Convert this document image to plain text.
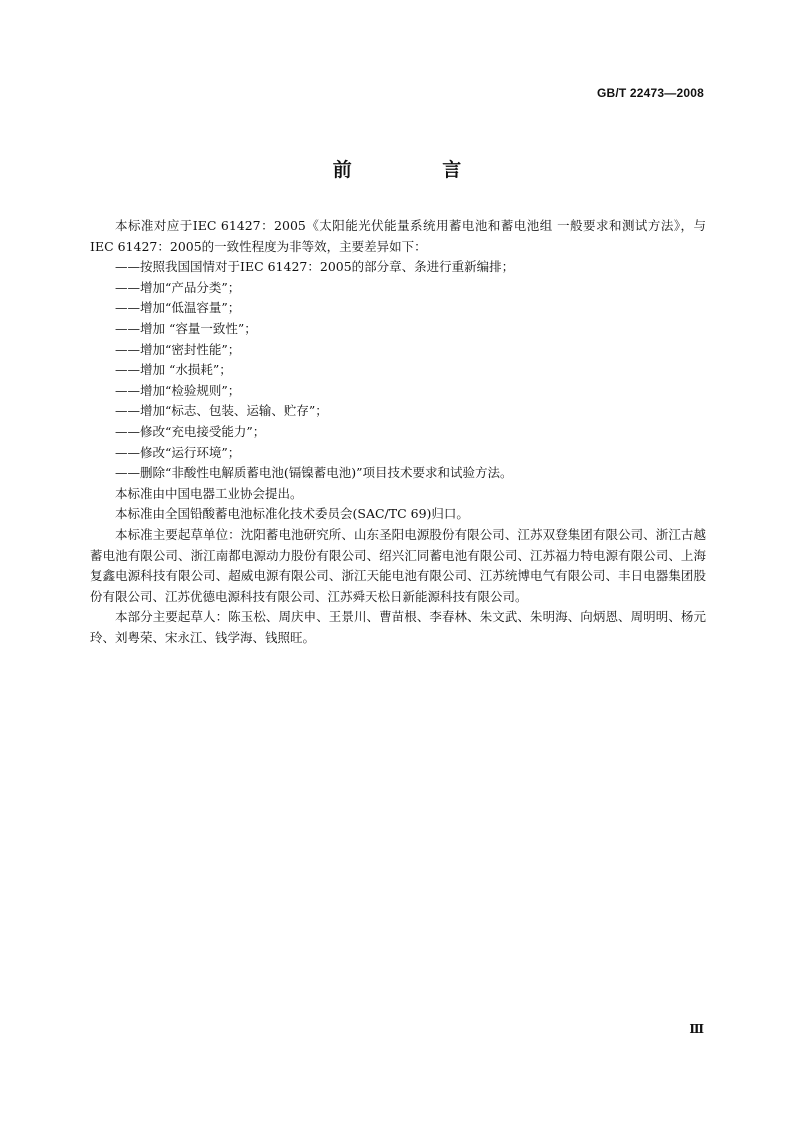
GB/T 22473—2008
前 言

本标准对应于IEC 61427：2005《太阳能光伏能量系统用蓄电池和蓄电池组 一般要求和测试方法》，与IEC 61427：2005的一致性程度为非等效，主要差异如下：

——按照我国国情对于IEC 61427：2005的部分章、条进行重新编排；
——增加“产品分类”；
——增加“低温容量”；
——增加 “容量一致性”；
——增加“密封性能”；
——增加 “水损耗”；
——增加“检验规则”；
——增加“标志、包装、运输、贮存”；
——修改“充电接受能力”；
——修改“运行环境”；
——删除“非酸性电解质蓄电池(镉镍蓄电池)”项目技术要求和试验方法。

本标准由中国电器工业协会提出。

本标准由全国铅酸蓄电池标准化技术委员会(SAC/TC 69)归口。

本标准主要起草单位：沈阳蓄电池研究所、山东圣阳电源股份有限公司、江苏双登集团有限公司、浙江古越蓄电池有限公司、浙江南都电源动力股份有限公司、绍兴汇同蓄电池有限公司、江苏福力特电源有限公司、上海复鑫电源科技有限公司、超威电源有限公司、浙江天能电池有限公司、江苏统博电气有限公司、丰日电器集团股份有限公司、江苏优德电源科技有限公司、江苏舜天松日新能源科技有限公司。

本部分主要起草人：陈玉松、周庆申、王景川、曹苗根、李春林、朱文武、朱明海、向炳恩、周明明、杨元玲、刘粤荣、宋永江、钱学海、钱照旺。

Ⅲ
